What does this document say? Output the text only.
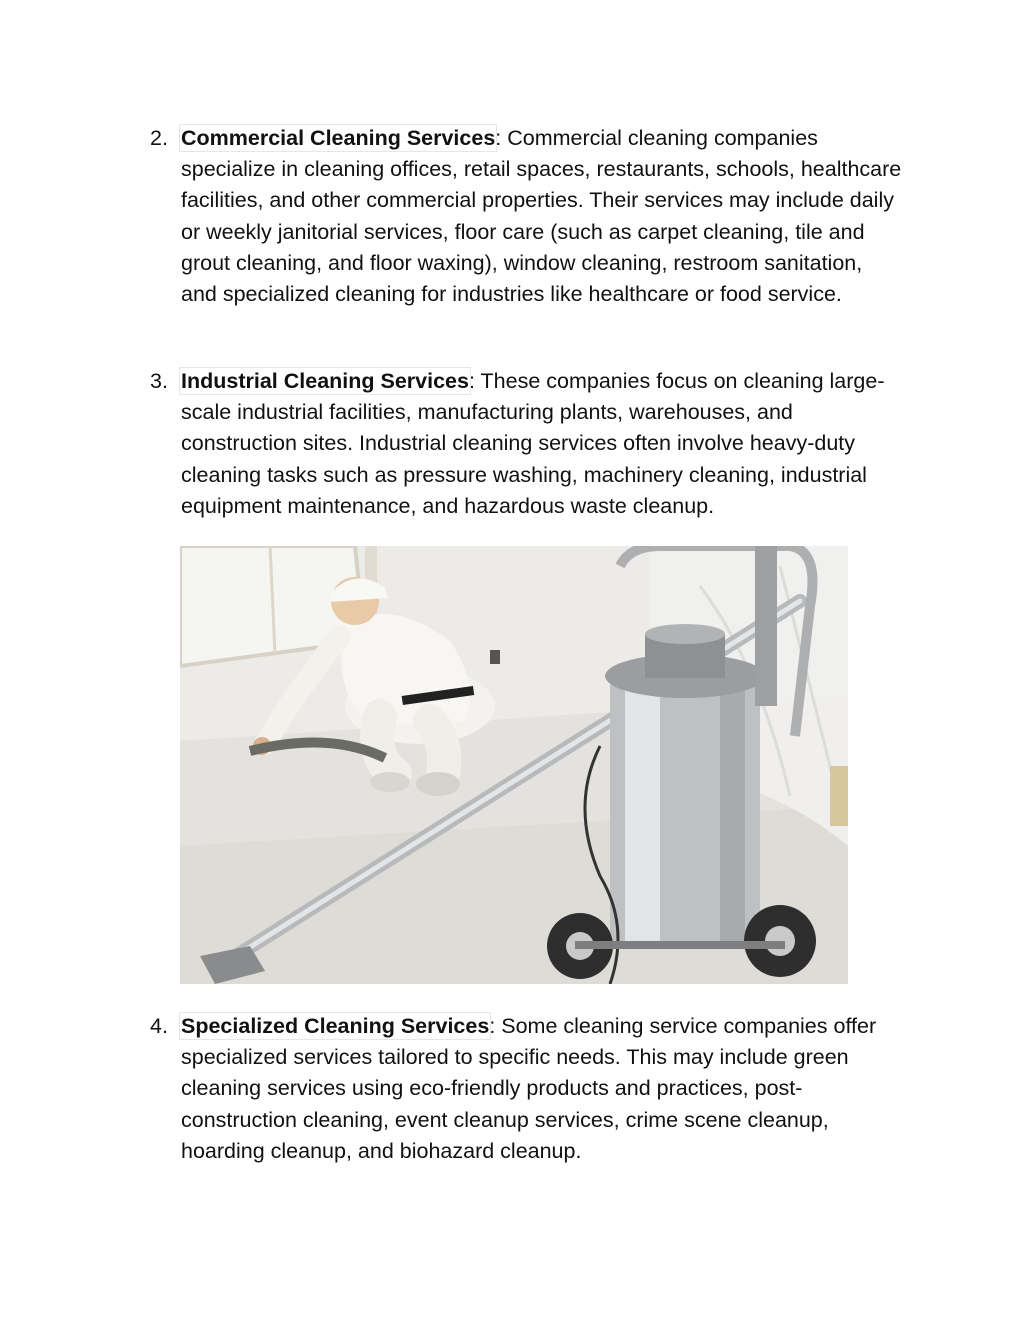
2. Commercial Cleaning Services: Commercial cleaning companies specialize in cleaning offices, retail spaces, restaurants, schools, healthcare facilities, and other commercial properties. Their services may include daily or weekly janitorial services, floor care (such as carpet cleaning, tile and grout cleaning, and floor waxing), window cleaning, restroom sanitation, and specialized cleaning for industries like healthcare or food service.
3. Industrial Cleaning Services: These companies focus on cleaning large-scale industrial facilities, manufacturing plants, warehouses, and construction sites. Industrial cleaning services often involve heavy-duty cleaning tasks such as pressure washing, machinery cleaning, industrial equipment maintenance, and hazardous waste cleanup.
4. Specialized Cleaning Services: Some cleaning service companies offer specialized services tailored to specific needs. This may include green cleaning services using eco-friendly products and practices, post-construction cleaning, event cleanup services, crime scene cleanup, hoarding cleanup, and biohazard cleanup.
